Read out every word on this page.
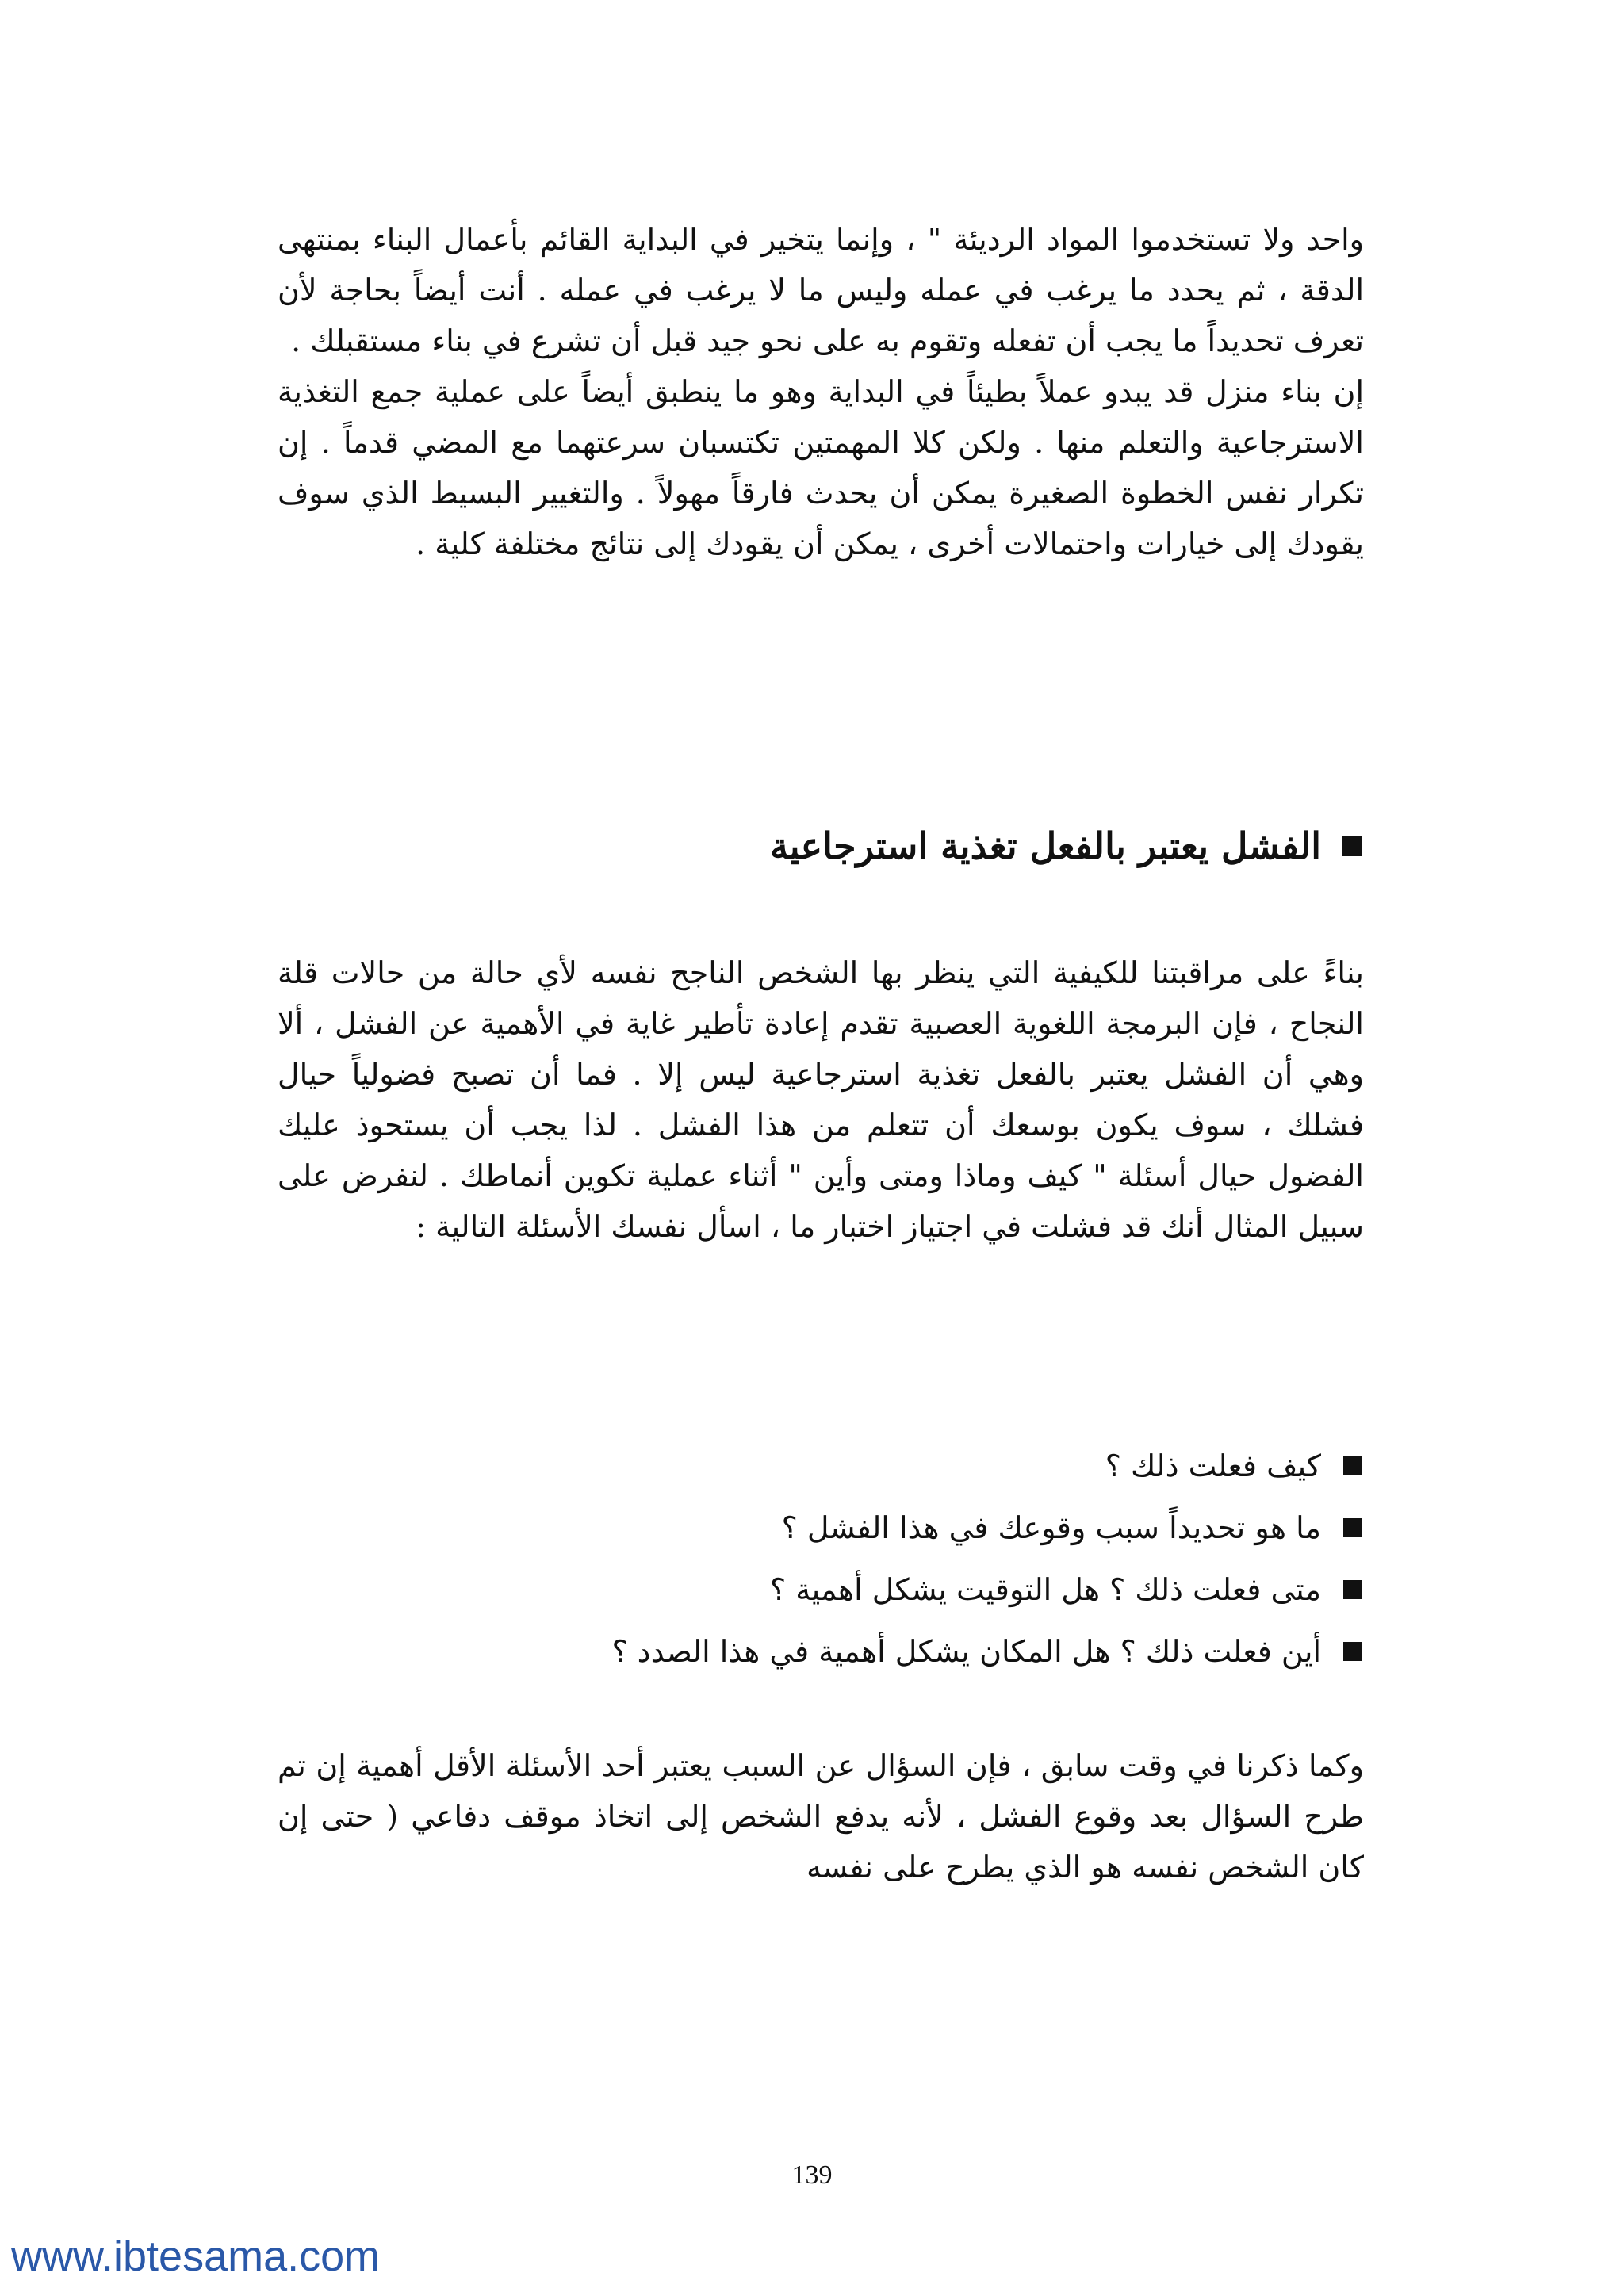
واحد ولا تستخدموا المواد الرديئة " ، وإنما يتخير في البداية القائم بأعمال البناء بمنتهى الدقة ، ثم يحدد ما يرغب في عمله وليس ما لا يرغب في عمله . أنت أيضاً بحاجة لأن تعرف تحديداً ما يجب أن تفعله وتقوم به على نحو جيد قبل أن تشرع في بناء مستقبلك .

إن بناء منزل قد يبدو عملاً بطيئاً في البداية وهو ما ينطبق أيضاً على عملية جمع التغذية الاسترجاعية والتعلم منها . ولكن كلا المهمتين تكتسبان سرعتهما مع المضي قدماً . إن تكرار نفس الخطوة الصغيرة يمكن أن يحدث فارقاً مهولاً . والتغيير البسيط الذي سوف يقودك إلى خيارات واحتمالات أخرى ، يمكن أن يقودك إلى نتائج مختلفة كلية .

الفشل يعتبر بالفعل تغذية استرجاعية

بناءً على مراقبتنا للكيفية التي ينظر بها الشخص الناجح نفسه لأي حالة من حالات قلة النجاح ، فإن البرمجة اللغوية العصبية تقدم إعادة تأطير غاية في الأهمية عن الفشل ، ألا وهي أن الفشل يعتبر بالفعل تغذية استرجاعية ليس إلا . فما أن تصبح فضولياً حيال فشلك ، سوف يكون بوسعك أن تتعلم من هذا الفشل . لذا يجب أن يستحوذ عليك الفضول حيال أسئلة " كيف وماذا ومتى وأين " أثناء عملية تكوين أنماطك . لنفرض على سبيل المثال أنك قد فشلت في اجتياز اختبار ما ، اسأل نفسك الأسئلة التالية :

كيف فعلت ذلك ؟
ما هو تحديداً سبب وقوعك في هذا الفشل ؟
متى فعلت ذلك ؟ هل التوقيت يشكل أهمية ؟
أين فعلت ذلك ؟ هل المكان يشكل أهمية في هذا الصدد ؟

وكما ذكرنا في وقت سابق ، فإن السؤال عن السبب يعتبر أحد الأسئلة الأقل أهمية إن تم طرح السؤال بعد وقوع الفشل ، لأنه يدفع الشخص إلى اتخاذ موقف دفاعي ( حتى إن كان الشخص نفسه هو الذي يطرح على نفسه

139
www.ibtesama.com
